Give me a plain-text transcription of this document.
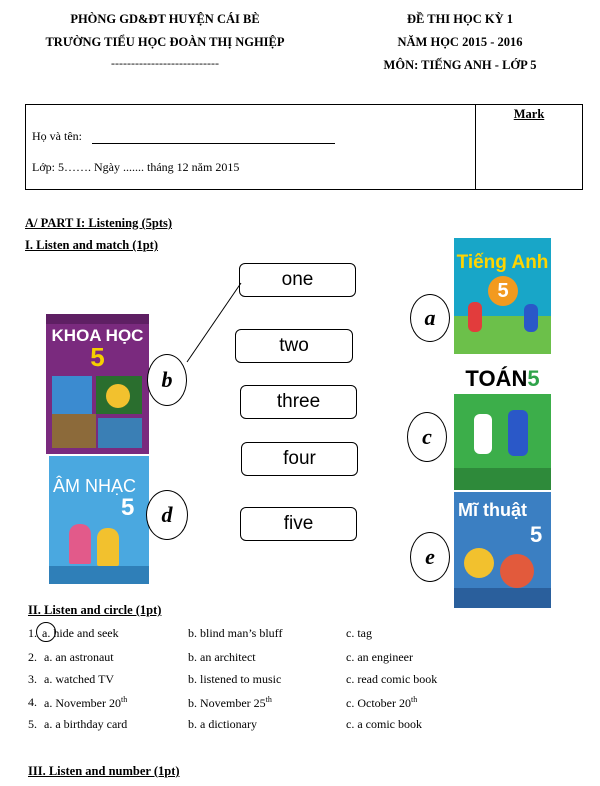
PHÒNG GD&ĐT HUYỆN CÁI BÈ
TRƯỜNG TIỂU HỌC ĐOÀN THỊ NGHIỆP
---------------------------
ĐỀ THI HỌC KỲ 1
NĂM HỌC 2015 - 2016
MÔN: TIẾNG ANH - LỚP 5
Mark
Họ và tên:
Lớp: 5……. Ngày ....... tháng 12 năm 2015
A/ PART I: Listening (5pts)
I. Listen and match (1pt)
one
two
three
four
five
KHOA HỌC
5
ÂM NHẠC
5
Tiếng Anh
5
TOÁN5
Mĩ thuật
5
a
b
c
d
e
II. Listen and circle (1pt)
1. a. hide and seek	b. blind man’s bluff	c. tag
2. a. an astronaut	b. an architect	c. an engineer
3. a. watched TV	b. listened to music	c. read comic book
4. a. November 20th	b. November 25th	c. October 20th
5. a. a birthday card	b. a dictionary	c. a comic book
III. Listen and number (1pt)
